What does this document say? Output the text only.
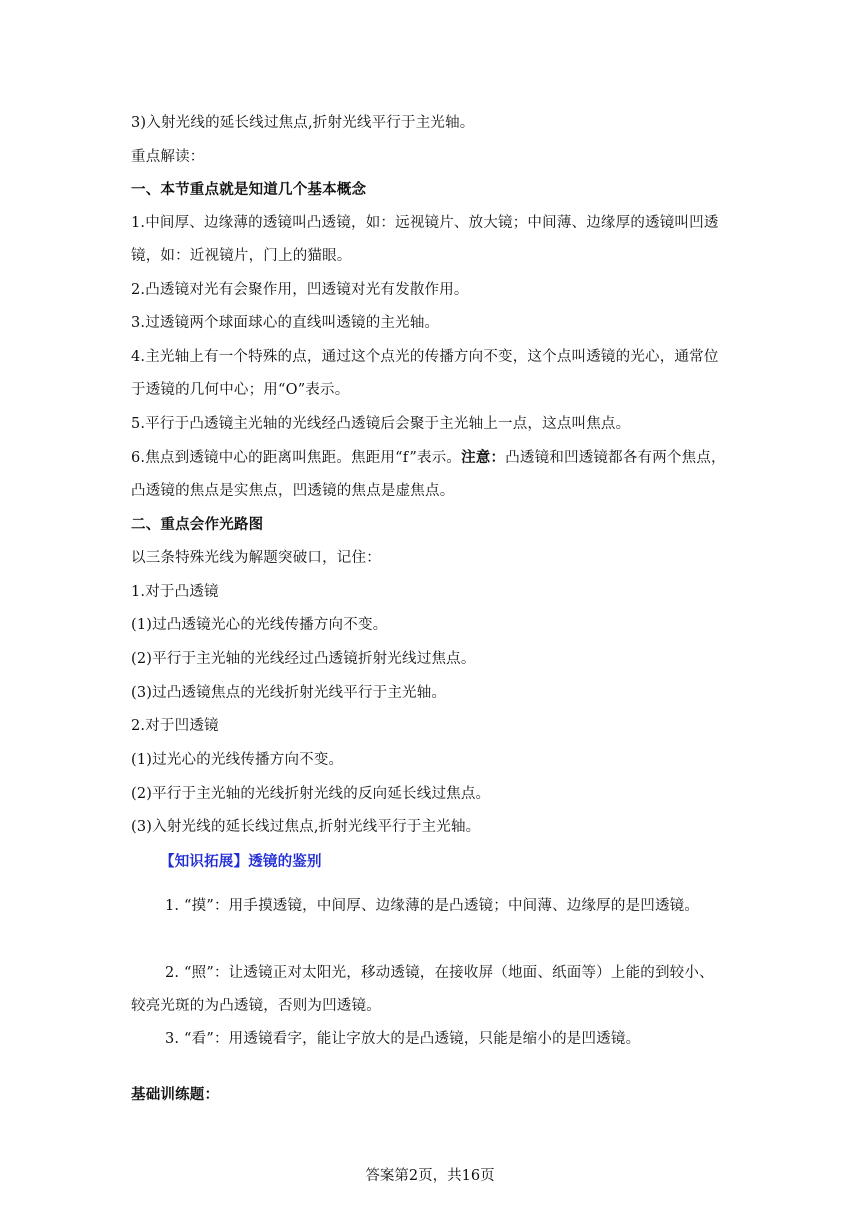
3)入射光线的延长线过焦点,折射光线平行于主光轴。
重点解读：
一、本节重点就是知道几个基本概念
1.中间厚、边缘薄的透镜叫凸透镜，如：远视镜片、放大镜；中间薄、边缘厚的透镜叫凹透
镜，如：近视镜片，门上的猫眼。
2.凸透镜对光有会聚作用，凹透镜对光有发散作用。
3.过透镜两个球面球心的直线叫透镜的主光轴。
4.主光轴上有一个特殊的点，通过这个点光的传播方向不变，这个点叫透镜的光心，通常位
于透镜的几何中心；用“O”表示。
5.平行于凸透镜主光轴的光线经凸透镜后会聚于主光轴上一点，这点叫焦点。
6.焦点到透镜中心的距离叫焦距。焦距用“f”表示。注意：凸透镜和凹透镜都各有两个焦点，
凸透镜的焦点是实焦点，凹透镜的焦点是虚焦点。
二、重点会作光路图
以三条特殊光线为解题突破口，记住：
1.对于凸透镜
(1)过凸透镜光心的光线传播方向不变。
(2)平行于主光轴的光线经过凸透镜折射光线过焦点。
(3)过凸透镜焦点的光线折射光线平行于主光轴。
2.对于凹透镜
(1)过光心的光线传播方向不变。
(2)平行于主光轴的光线折射光线的反向延长线过焦点。
(3)入射光线的延长线过焦点,折射光线平行于主光轴。
【知识拓展】透镜的鉴别
1. “摸”：用手摸透镜，中间厚、边缘薄的是凸透镜；中间薄、边缘厚的是凹透镜。
2. “照”：让透镜正对太阳光，移动透镜，在接收屏（地面、纸面等）上能的到较小、
较亮光斑的为凸透镜，否则为凹透镜。
3. “看”：用透镜看字，能让字放大的是凸透镜，只能是缩小的是凹透镜。
基础训练题：
答案第2页，共16页
